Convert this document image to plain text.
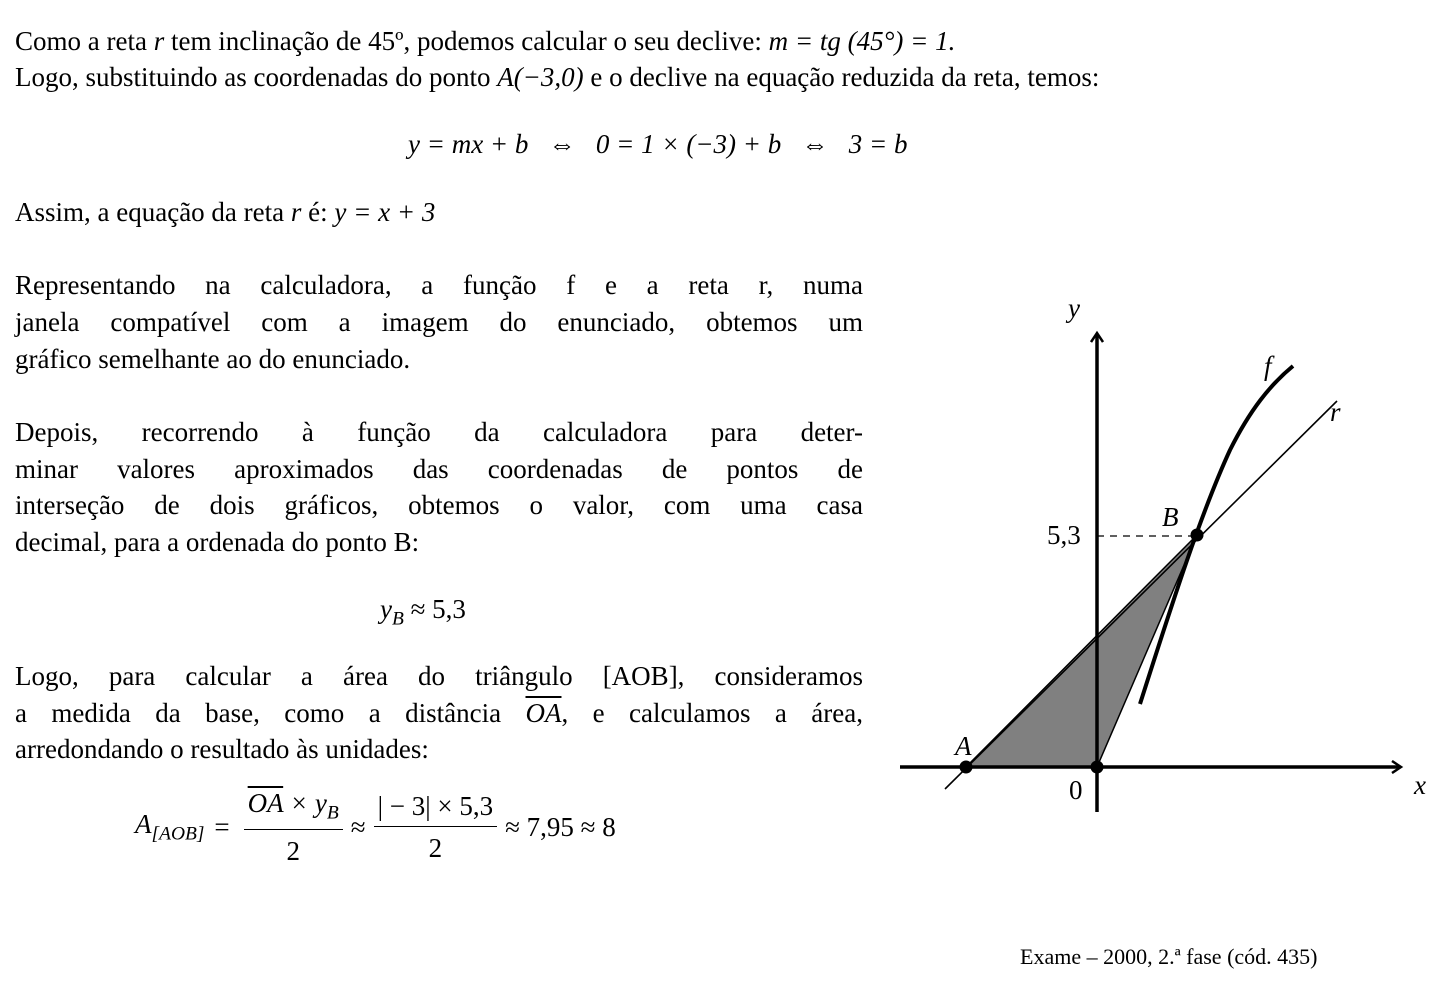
Como a reta r tem inclinação de 45º, podemos calcular o seu declive: m = tg (45°) = 1.
Logo, substituindo as coordenadas do ponto A(−3,0) e o declive na equação reduzida da reta, temos:
y = mx + b   ⇔   0 = 1 × (−3) + b   ⇔   3 = b
Assim, a equação da reta r é: y = x + 3
Representando na calculadora, a função f e a reta r, numa
janela compatível com a imagem do enunciado, obtemos um
gráfico semelhante ao do enunciado.
Depois, recorrendo à função da calculadora para deter-
minar valores aproximados das coordenadas de pontos de
interseção de dois gráficos, obtemos o valor, com uma casa
decimal, para a ordenada do ponto B:
$y_B \approx 5,3$
Logo, para calcular a área do triângulo [AOB], consideramos
a medida da base, como a distância $\overline{OA}$, e calculamos a área,
arredondando o resultado às unidades:
$A_{[AOB]} = \frac{\overline{OA} \times y_B}{2} \approx \frac{| - 3| \times 5,3}{2} \approx 7,95 \approx 8$
y
x
0
5,3
f
r
A
B
Exame – 2000, 2.ª fase (cód. 435)
